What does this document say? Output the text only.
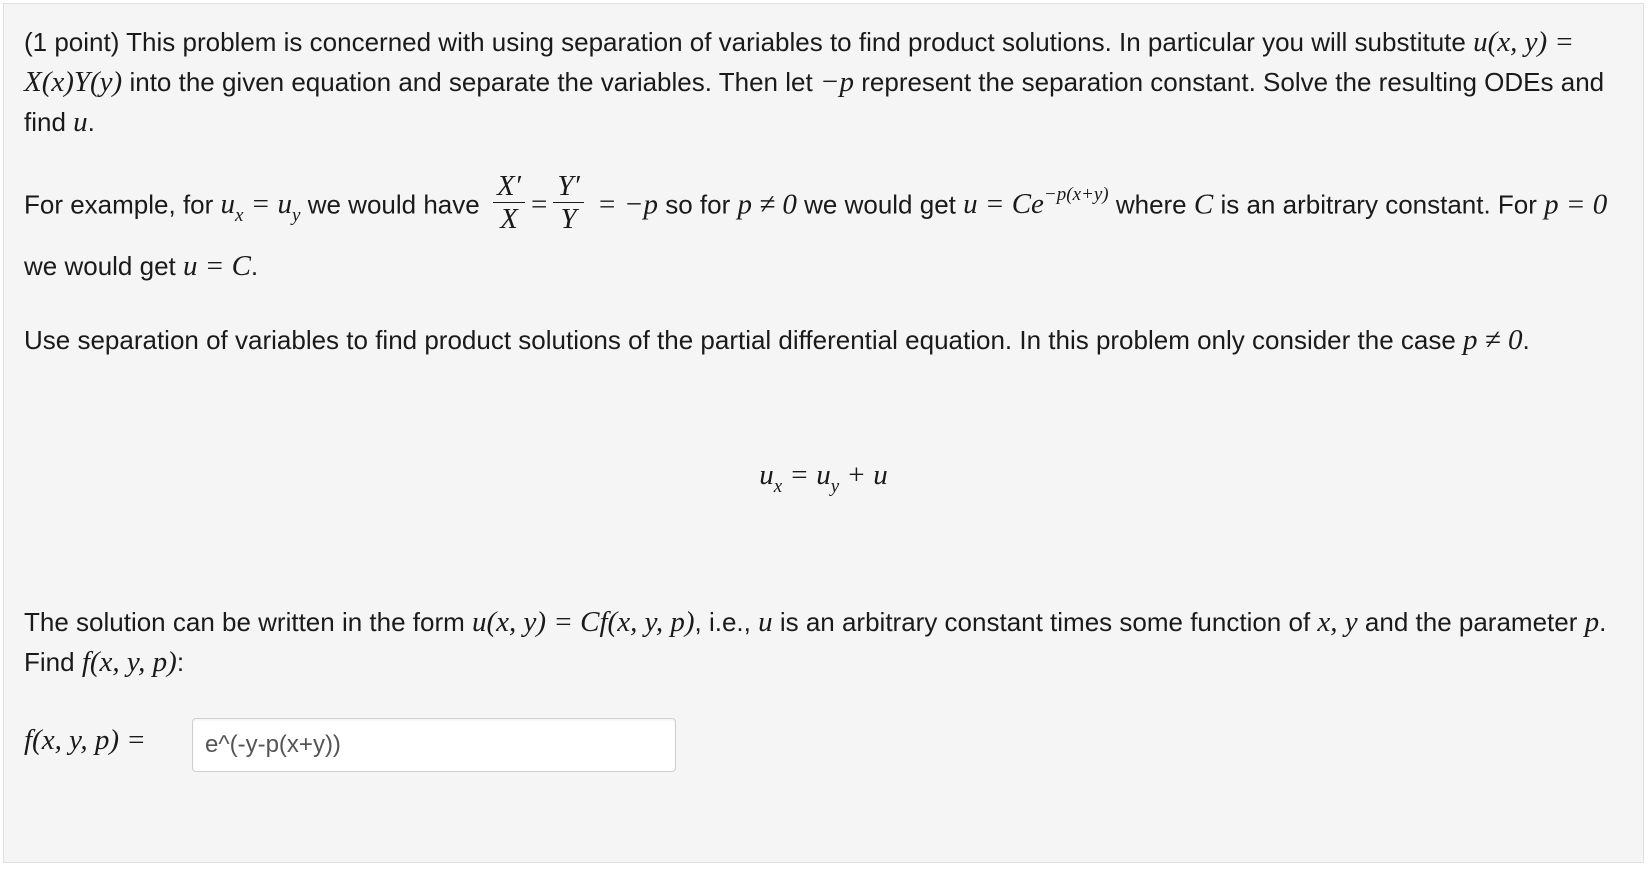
(1 point) This problem is concerned with using separation of variables to find product solutions. In particular you will substitute u(x, y) = X(x)Y(y) into the given equation and separate the variables. Then let −p represent the separation constant. Solve the resulting ODEs and find u.

For example, for $u_x = u_y$ we would have $\frac{X'}{X} = \frac{Y'}{Y} = -p$ so for p ≠ 0 we would get $u = Ce^{-p(x+y)}$ where C is an arbitrary constant. For p = 0 we would get u = C.

Use separation of variables to find product solutions of the partial differential equation. In this problem only consider the case p ≠ 0.

$u_x = u_y + u$

The solution can be written in the form u(x, y) = Cf(x, y, p), i.e., u is an arbitrary constant times some function of x, y and the parameter p. Find f(x, y, p):

f(x, y, p) =
e^(-y-p(x+y))
